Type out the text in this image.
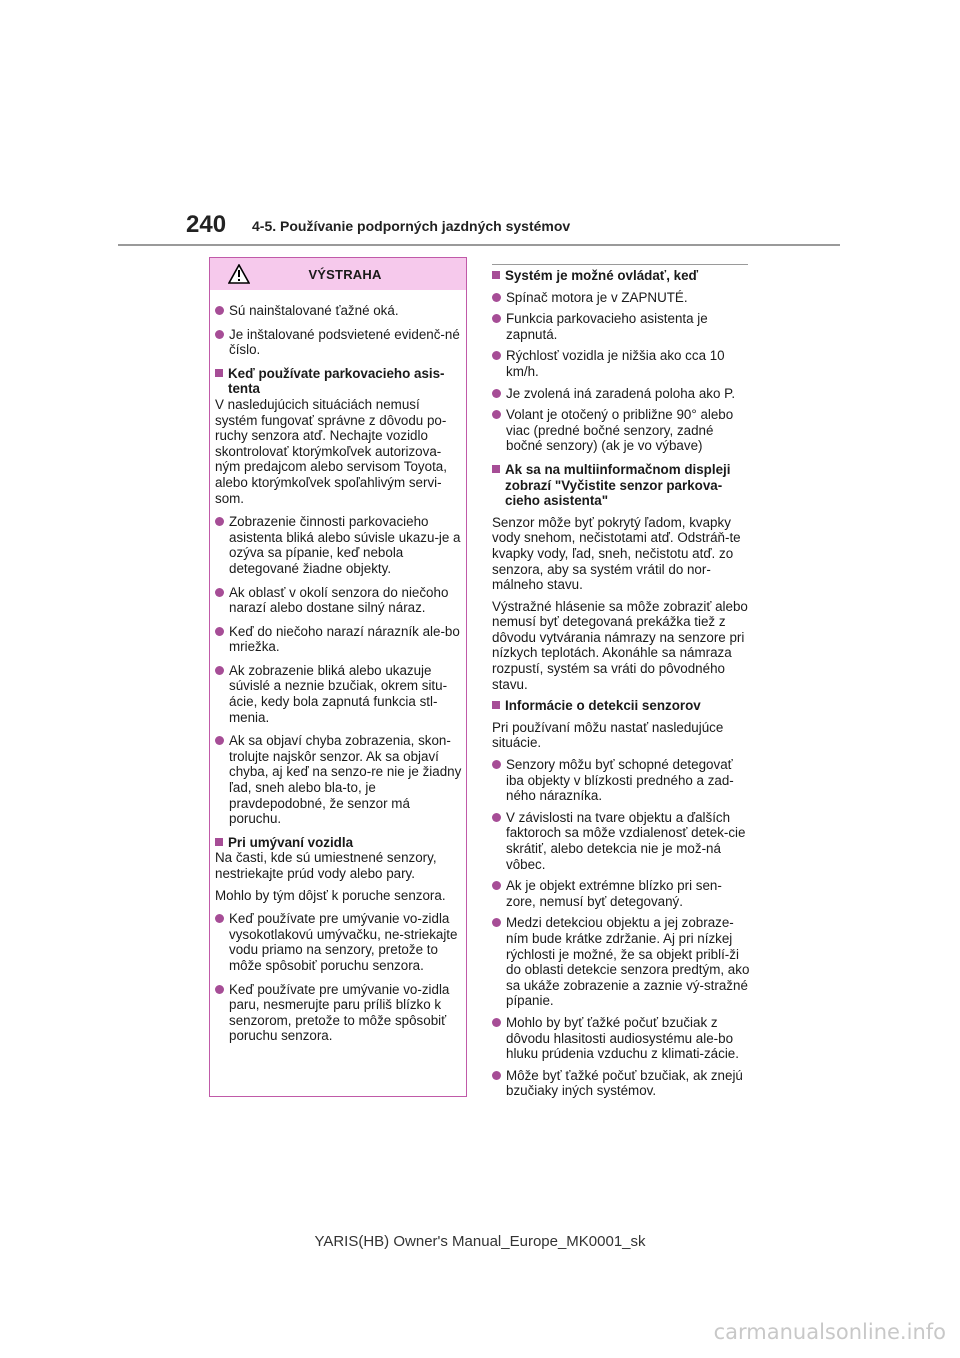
240 4-5. Používanie podporných jazdných systémov
VÝSTRAHA

Sú nainštalované ťažné oká.

Je inštalované podsvietené evidenč-né číslo.

Keď používate parkovacieho asis-tenta

V nasledujúcich situáciách nemusí systém fungovať správne z dôvodu po-ruchy senzora atď. Nechajte vozidlo skontrolovať ktorýmkoľvek autorizova-ným predajcom alebo servisom Toyota, alebo ktorýmkoľvek spoľahlivým servi-som.

Zobrazenie činnosti parkovacieho asistenta bliká alebo súvisle ukazu-je a ozýva sa pípanie, keď nebola detegované žiadne objekty.

Ak oblasť v okolí senzora do niečoho narazí alebo dostane silný náraz.

Keď do niečoho narazí nárazník ale-bo mriežka.

Ak zobrazenie bliká alebo ukazuje súvislé a neznie bzučiak, okrem situ-ácie, kedy bola zapnutá funkcia stl-menia.

Ak sa objaví chyba zobrazenia, skon-trolujte najskôr senzor. Ak sa objaví chyba, aj keď na senzo-re nie je žiadny ľad, sneh alebo bla-to, je pravdepodobné, že senzor má poruchu.

Pri umývaní vozidla

Na časti, kde sú umiestnené senzory, nestriekajte prúd vody alebo pary.

Mohlo by tým dôjsť k poruche senzora.

Keď používate pre umývanie vo-zidla vysokotlakovú umývačku, ne-striekajte vodu priamo na senzory, pretože to môže spôsobiť poruchu senzora.

Keď používate pre umývanie vo-zidla paru, nesmerujte paru príliš blízko k senzorom, pretože to môže spôsobiť poruchu senzora.

Systém je možné ovládať, keď

Spínač motora je v ZAPNUTÉ.

Funkcia parkovacieho asistenta je zapnutá.

Rýchlosť vozidla je nižšia ako cca 10 km/h.

Je zvolená iná zaradená poloha ako P.

Volant je otočený o približne 90° alebo viac (predné bočné senzory, zadné bočné senzory) (ak je vo výbave)

Ak sa na multiinformačnom displeji zobrazí "Vyčistite senzor parkova-cieho asistenta"

Senzor môže byť pokrytý ľadom, kvapky vody snehom, nečistotami atď. Odstráň-te kvapky vody, ľad, sneh, nečistotu atď. zo senzora, aby sa systém vrátil do nor-málneho stavu.

Výstražné hlásenie sa môže zobraziť alebo nemusí byť detegovaná prekážka tiež z dôvodu vytvárania námrazy na senzore pri nízkych teplotách. Akonáhle sa námraza rozpustí, systém sa vráti do pôvodného stavu.

Informácie o detekcii senzorov

Pri používaní môžu nastať nasledujúce situácie.

Senzory môžu byť schopné detegovať iba objekty v blízkosti predného a zad-ného nárazníka.

V závislosti na tvare objektu a ďalších faktoroch sa môže vzdialenosť detek-cie skrátiť, alebo detekcia nie je mož-ná vôbec.

Ak je objekt extrémne blízko pri sen-zore, nemusí byť detegovaný.

Medzi detekciou objektu a jej zobraze-ním bude krátke zdržanie. Aj pri nízkej rýchlosti je možné, že sa objekt priblí-ži do oblasti detekcie senzora predtým, ako sa ukáže zobrazenie a zaznie vý-stražné pípanie.

Mohlo by byť ťažké počuť bzučiak z dôvodu hlasitosti audiosystému ale-bo hluku prúdenia vzduchu z klimati-zácie.

Môže byť ťažké počuť bzučiak, ak znejú bzučiaky iných systémov.

YARIS(HB) Owner's Manual_Europe_MK0001_sk
carmanualsonline.info
